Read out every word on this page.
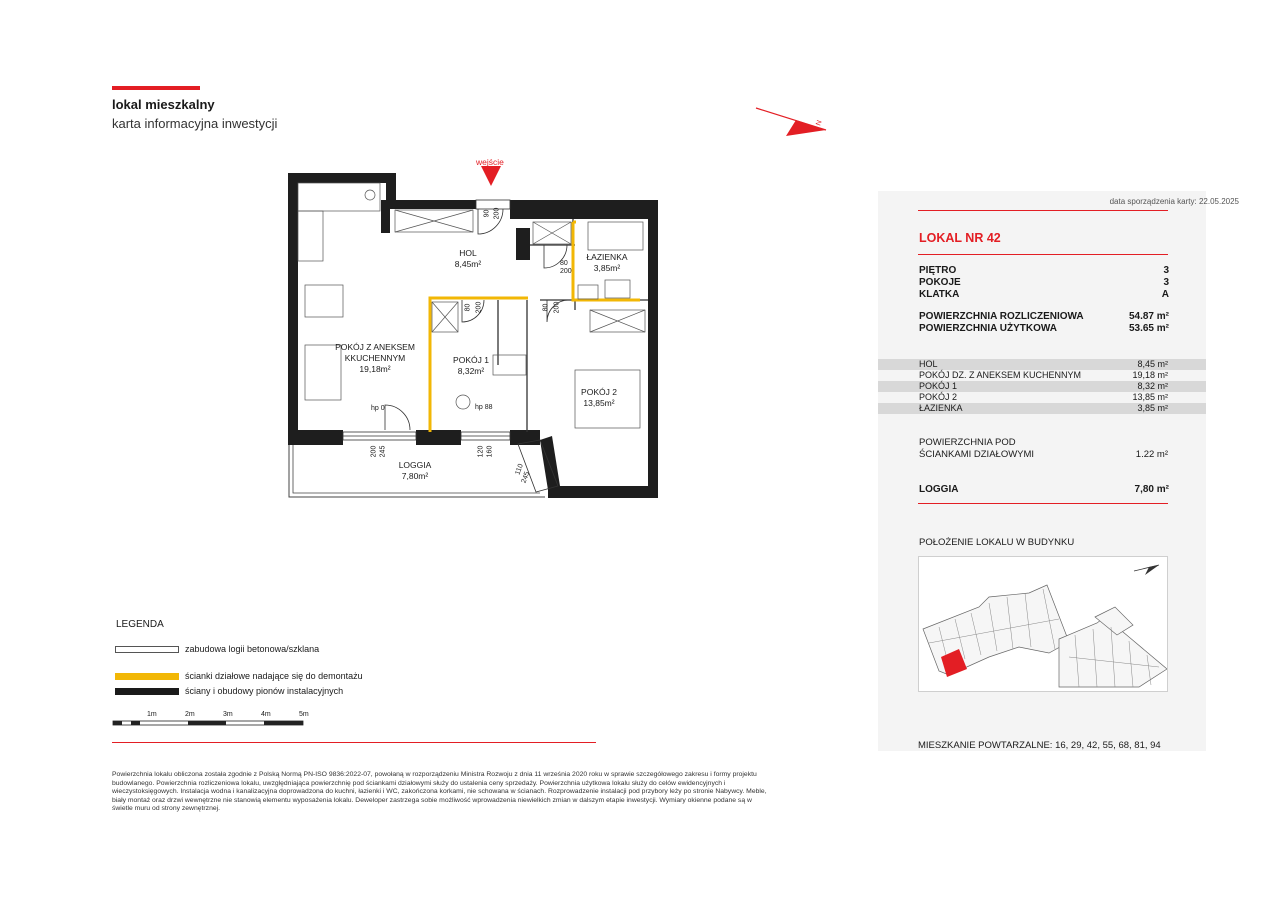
lokal mieszkalny
karta informacyjna inwestycji	N
wejście
HOL
8,45m²
ŁAZIENKA
3,85m²
POKÓJ Z ANEKSEM
KKUCHENNYM
19,18m²
POKÓJ 1
8,32m²
POKÓJ 2
13,85m²
LOGGIA
7,80m²
90 200
80
200
80 200	80 200
hp 0
200 245
hp 88
120 160
110
245
LEGENDA
zabudowa logii betonowa/szklana
ścianki działowe nadające się do demontażu
ściany i obudowy pionów instalacyjnych
1m	2m	3m	4m	5m
Powierzchnia lokalu obliczona została zgodnie z Polską Normą PN-ISO 9836:2022-07, powołaną w rozporządzeniu Ministra Rozwoju z dnia 11 września 2020 roku w sprawie szczegółowego zakresu i formy projektu budowlanego. Powierzchnia rozliczeniowa lokalu, uwzględniająca powierzchnię pod ściankami działowymi służy do ustalenia ceny sprzedaży. Powierzchnia użytkowa lokalu służy do celów ewidencyjnych i wieczystoksięgowych. Instalacja wodna i kanalizacyjna doprowadzona do kuchni, łazienki i WC, zakończona korkami, nie schowana w ścianach. Rozprowadzenie instalacji pod przybory leży po stronie Nabywcy. Meble, biały montaż oraz drzwi wewnętrzne nie stanowią elementu wyposażenia lokalu. Deweloper zastrzega sobie możliwość wprowadzenia niewielkich zmian w dalszym etapie inwestycji. Wymiary okienne podane są w świetle muru od strony zewnętrznej.
data sporządzenia karty: 22.05.2025
LOKAL NR 42
PIĘTRO	3
POKOJE	3
KLATKA	A
POWIERZCHNIA ROZLICZENIOWA	54.87 m²
POWIERZCHNIA UŻYTKOWA	53.65 m²
HOL	8,45 m²
POKÓJ DZ. Z ANEKSEM KUCHENNYM	19,18 m²
POKÓJ 1	8,32 m²
POKÓJ 2	13,85 m²
ŁAZIENKA	3,85 m²
POWIERZCHNIA POD
ŚCIANKAMI DZIAŁOWYMI	1.22 m²
LOGGIA	7,80 m²
POŁOŻENIE LOKALU W BUDYNKU
MIESZKANIE POWTARZALNE: 16, 29, 42, 55, 68, 81, 94
